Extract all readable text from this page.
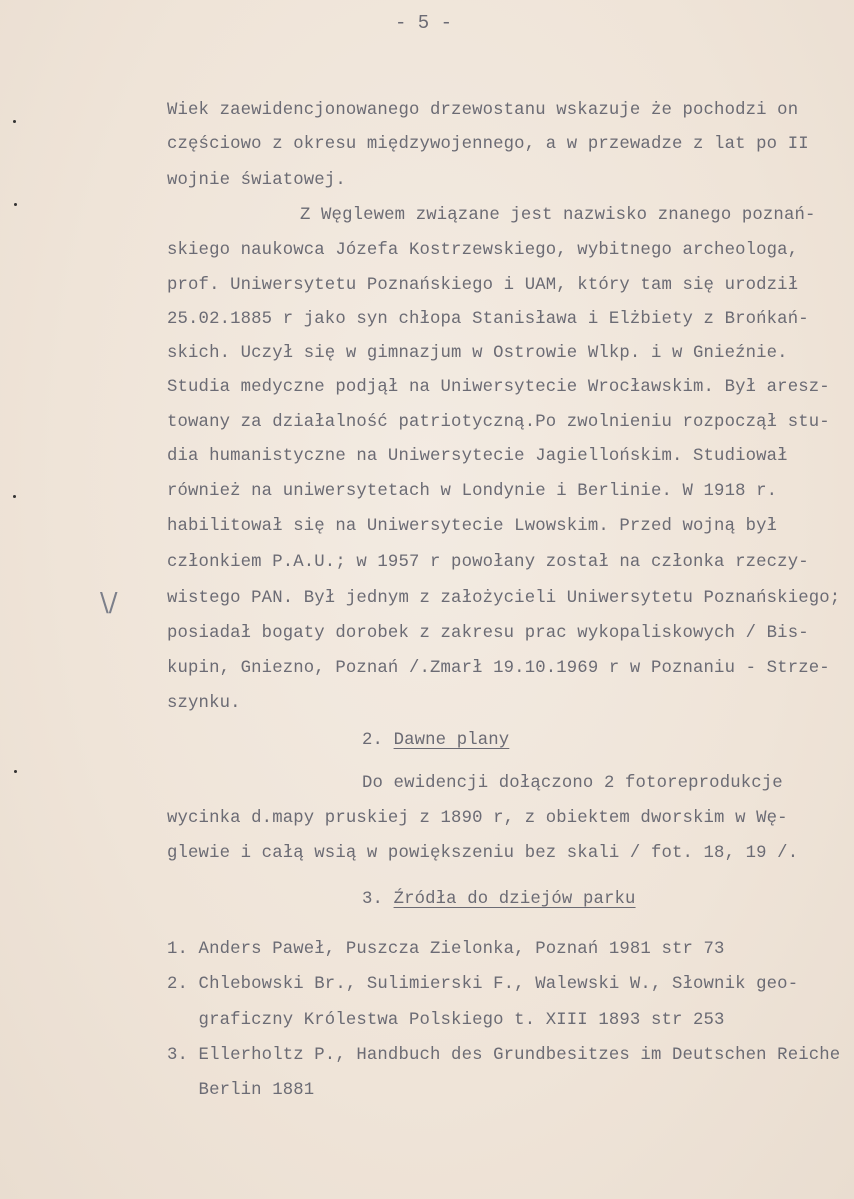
- 5 -
Wiek zaewidencjonowanego drzewostanu wskazuje że pochodzi on
częściowo z okresu międzywojennego, a w przewadze z lat po II
wojnie światowej.
Z Węglewem związane jest nazwisko znanego poznań-
skiego naukowca Józefa Kostrzewskiego, wybitnego archeologa,
prof. Uniwersytetu Poznańskiego i UAM, który tam się urodził
25.02.1885 r jako syn chłopa Stanisława i Elżbiety z Brońkań-
skich. Uczył się w gimnazjum w Ostrowie Wlkp. i w Gnieźnie.
Studia medyczne podjął na Uniwersytecie Wrocławskim. Był aresz-
towany za działalność patriotyczną.Po zwolnieniu rozpoczął stu-
dia humanistyczne na Uniwersytecie Jagiellońskim. Studiował
również na uniwersytetach w Londynie i Berlinie. W 1918 r.
habilitował się na Uniwersytecie Lwowskim. Przed wojną był
członkiem P.A.U.; w 1957 r powołany został na członka rzeczy-
wistego PAN. Był jednym z założycieli Uniwersytetu Poznańskiego;
posiadał bogaty dorobek z zakresu prac wykopaliskowych / Bis-
kupin, Gniezno, Poznań /.Zmarł 19.10.1969 r w Poznaniu - Strze-
szynku.
2. Dawne plany
Do ewidencji dołączono 2 fotoreprodukcje
wycinka d.mapy pruskiej z 1890 r, z obiektem dworskim w Wę-
glewie i całą wsią w powiększeniu bez skali / fot. 18, 19 /.
3. Źródła do dziejów parku
1. Anders Paweł, Puszcza Zielonka, Poznań 1981 str 73
2. Chlebowski Br., Sulimierski F., Walewski W., Słownik geo-
graficzny Królestwa Polskiego t. XIII 1893 str 253
3. Ellerholtz P., Handbuch des Grundbesitzes im Deutschen Reiche
Berlin 1881
\/
